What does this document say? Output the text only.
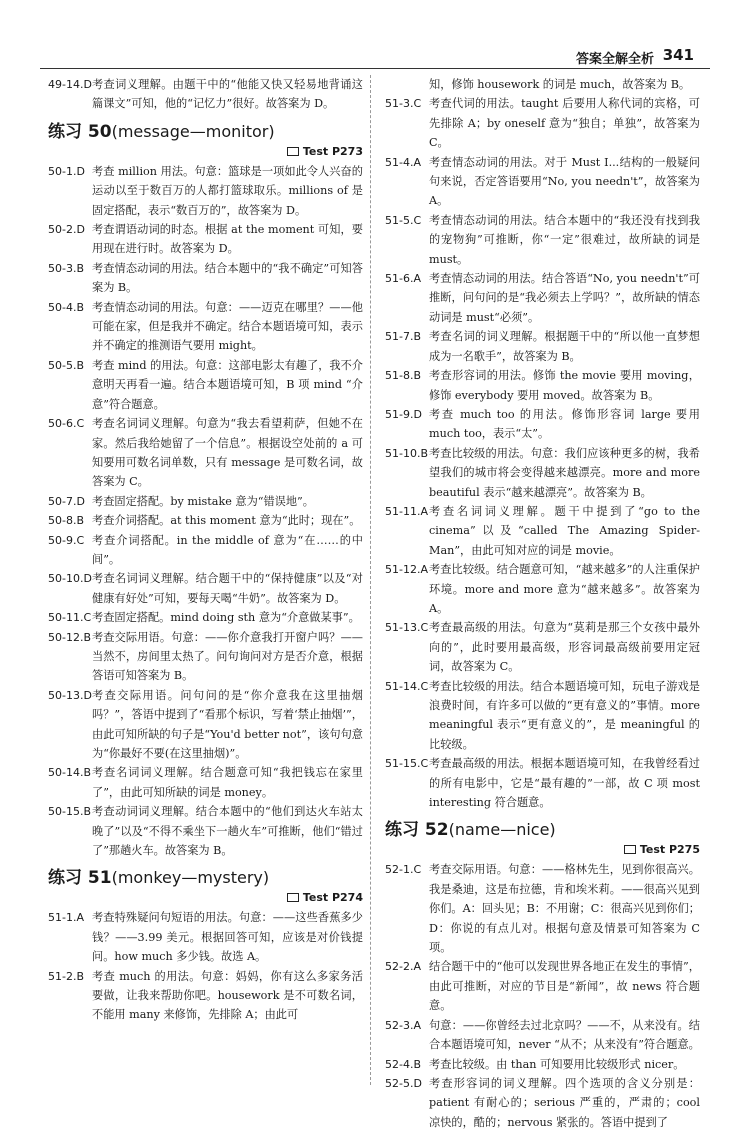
答案全解全析 341
49-14.D 考查词义理解。由题干中的“他能又快又轻易地背诵这篇课文”可知，他的“记忆力”很好。故答案为 D。
练习 50(message—monitor)
Test P273
50-1.D 考查 million 用法。句意：篮球是一项如此令人兴奋的运动以至于数百万的人都打篮球取乐。millions of 是固定搭配，表示“数百万的”，故答案为 D。
50-2.D 考查谓语动词的时态。根据 at the moment 可知，要用现在进行时。故答案为 D。
50-3.B 考查情态动词的用法。结合本题中的“我不确定”可知答案为 B。
50-4.B 考查情态动词的用法。句意：——迈克在哪里？——他可能在家，但是我并不确定。结合本题语境可知，表示并不确定的推测语气要用 might。
50-5.B 考查 mind 的用法。句意：这部电影太有趣了，我不介意明天再看一遍。结合本题语境可知，B 项 mind “介意”符合题意。
50-6.C 考查名词词义理解。句意为“我去看望莉萨，但她不在家。然后我给她留了一个信息”。根据设空处前的 a 可知要用可数名词单数，只有 message 是可数名词，故答案为 C。
50-7.D 考查固定搭配。by mistake 意为“错误地”。
50-8.B 考查介词搭配。at this moment 意为“此时；现在”。
50-9.C 考查介词搭配。in the middle of 意为“在……的中间”。
50-10.D 考查名词词义理解。结合题干中的“保持健康”以及“对健康有好处”可知，要每天喝“牛奶”。故答案为 D。
50-11.C 考查固定搭配。mind doing sth 意为“介意做某事”。
50-12.B 考查交际用语。句意：——你介意我打开窗户吗？——当然不，房间里太热了。问句询问对方是否介意，根据答语可知答案为 B。
50-13.D 考查交际用语。问句问的是“你介意我在这里抽烟吗？”，答语中提到了“看那个标识，写着‘禁止抽烟’”，由此可知所缺的句子是“You'd better not”，该句句意为“你最好不要(在这里抽烟)”。
50-14.B 考查名词词义理解。结合题意可知“我把钱忘在家里了”，由此可知所缺的词是 money。
50-15.B 考查动词词义理解。结合本题中的“他们到达火车站太晚了”以及“不得不乘坐下一趟火车”可推断，他们“错过了”那趟火车。故答案为 B。
练习 51(monkey—mystery)
Test P274
51-1.A 考查特殊疑问句短语的用法。句意：——这些香蕉多少钱？——3.99 美元。根据回答可知，应该是对价钱提问。how much 多少钱。故选 A。
51-2.B 考查 much 的用法。句意：妈妈，你有这么多家务活要做，让我来帮助你吧。housework 是不可数名词，不能用 many 来修饰，先排除 A；由此可
知，修饰 housework 的词是 much，故答案为 B。
51-3.C 考查代词的用法。taught 后要用人称代词的宾格，可先排除 A；by oneself 意为“独自；单独”，故答案为 C。
51-4.A 考查情态动词的用法。对于 Must I...结构的一般疑问句来说，否定答语要用“No, you needn't”，故答案为 A。
51-5.C 考查情态动词的用法。结合本题中的“我还没有找到我的宠物狗”可推断，你“一定”很难过，故所缺的词是 must。
51-6.A 考查情态动词的用法。结合答语“No, you needn't”可推断，问句问的是“我必须去上学吗？”，故所缺的情态动词是 must“必须”。
51-7.B 考查名词的词义理解。根据题干中的“所以他一直梦想成为一名歌手”，故答案为 B。
51-8.B 考查形容词的用法。修饰 the movie 要用 moving，修饰 everybody 要用 moved。故答案为 B。
51-9.D 考查 much too 的用法。修饰形容词 large 要用 much too，表示“太”。
51-10.B 考查比较级的用法。句意：我们应该种更多的树，我希望我们的城市将会变得越来越漂亮。more and more beautiful 表示“越来越漂亮”。故答案为 B。
51-11.A 考查名词词义理解。题干中提到了“go to the cinema”以及“called The Amazing Spider-Man”，由此可知对应的词是 movie。
51-12.A 考查比较级。结合题意可知，“越来越多”的人注重保护环境。more and more 意为“越来越多”。故答案为 A。
51-13.C 考查最高级的用法。句意为“莫莉是那三个女孩中最外向的”，此时要用最高级，形容词最高级前要用定冠词，故答案为 C。
51-14.C 考查比较级的用法。结合本题语境可知，玩电子游戏是浪费时间，有许多可以做的“更有意义的”事情。more meaningful 表示“更有意义的”，是 meaningful 的比较级。
51-15.C 考查最高级的用法。根据本题语境可知，在我曾经看过的所有电影中，它是“最有趣的”一部，故 C 项 most interesting 符合题意。
练习 52(name—nice)
Test P275
52-1.C 考查交际用语。句意：——格林先生，见到你很高兴。我是桑迪，这是布拉德，肯和埃米莉。——很高兴见到你们。A：回头见；B：不用谢；C：很高兴见到你们；D：你说的有点儿对。根据句意及情景可知答案为 C 项。
52-2.A 结合题干中的“他可以发现世界各地正在发生的事情”，由此可推断，对应的节目是“新闻”，故 news 符合题意。
52-3.A 句意：——你曾经去过北京吗？——不，从来没有。结合本题语境可知，never “从不；从来没有”符合题意。
52-4.B 考查比较级。由 than 可知要用比较级形式 nicer。
52-5.D 考查形容词的词义理解。四个选项的含义分别是：patient 有耐心的；serious 严重的，严肃的；cool 凉快的，酷的；nervous 紧张的。答语中提到了
